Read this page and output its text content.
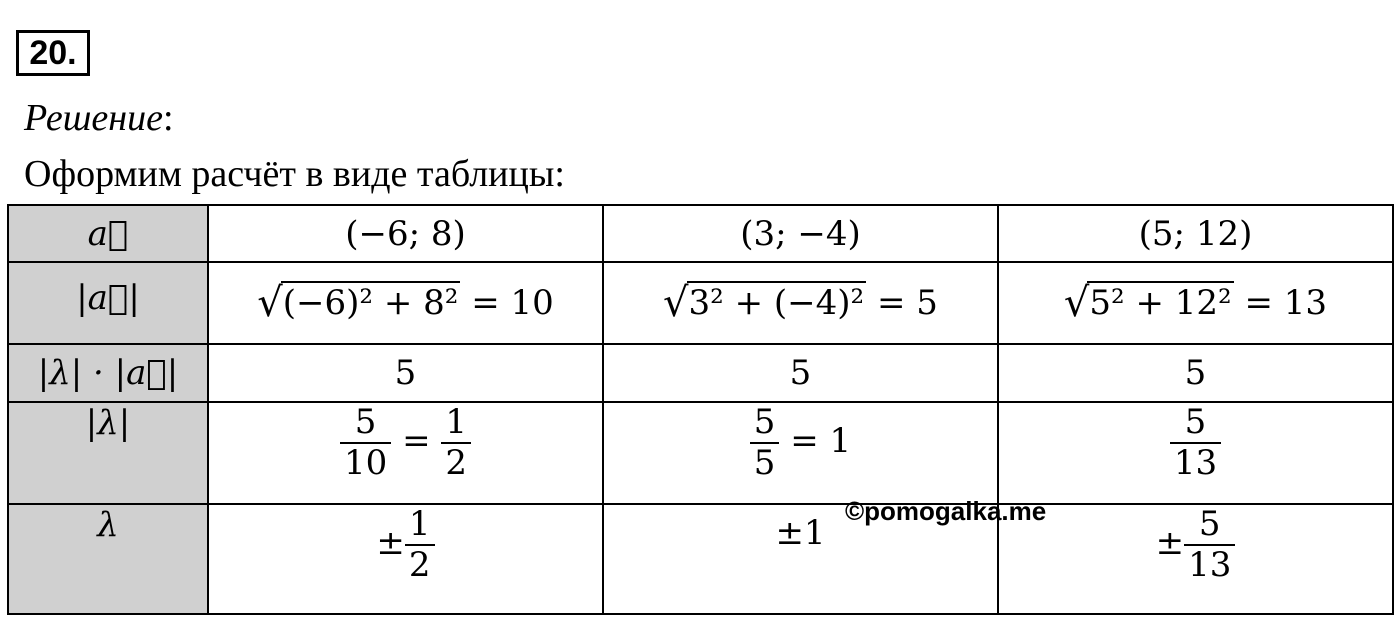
20.
Решение:
Оформим расчёт в виде таблицы:
a⃗	(−6; 8)	(3; −4)	(5; 12)
|a⃗|	√(−6)² + 8² = 10	√3² + (−4)² = 5	√5² + 12² = 13
|λ| · |a⃗|	5	5	5
|λ|	$\frac{5}{10} = \frac{1}{2}$	$\frac{5}{5} = 1$	$\frac{5}{13}$

λ	± $\frac{1}{2}$	±1	± $\frac{5}{13}$
©pomogalka.me
